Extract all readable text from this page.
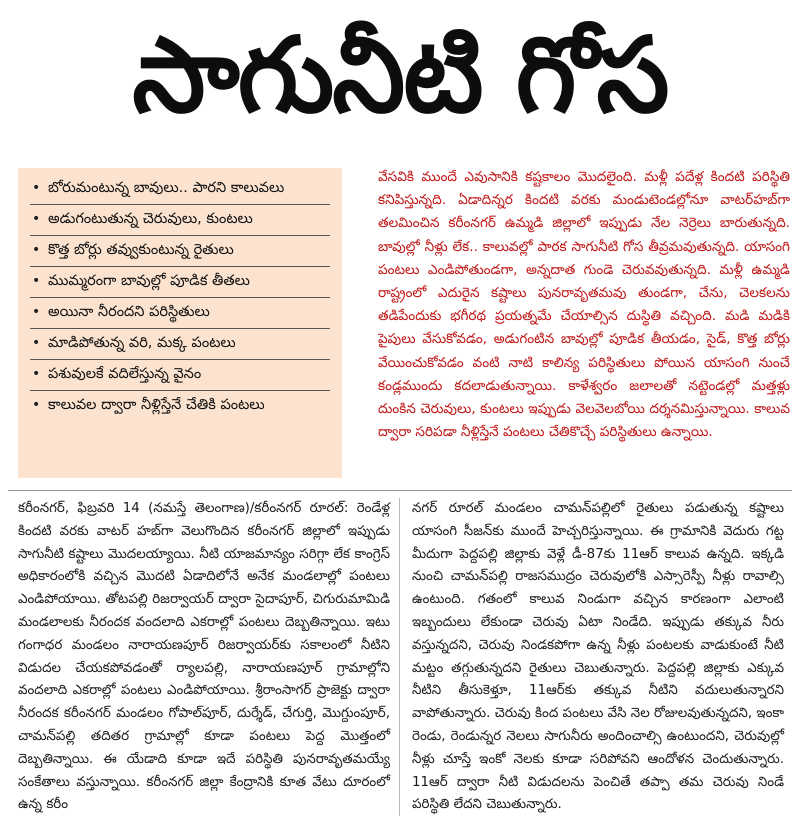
సాగునీటి గోస
• బోరుమంటున్న బావులు.. పారని కాలువలు
• అడుగంటుతున్న చెరువులు, కుంటలు
• కొత్త బోర్లు తవ్వుకుంటున్న రైతులు
• ముమ్మరంగా బావుల్లో పూడిక తీతలు
• అయినా నీరందని పరిస్థితులు
• మాడిపోతున్న వరి, మక్క పంటలు
• పశువులకే వదిలేస్తున్న వైనం
• కాలువల ద్వారా నీళ్లిస్తేనే చేతికి పంటలు

వేసవికి ముందే ఎవుసానికి కష్టకాలం మొదలైంది. మళ్లీ పదేళ్ల కిందటి పరిస్థితి కనిపిస్తున్నది. ఏడాదిన్నర కిందటి వరకు మండుటెండల్లోనూ వాటర్‌హబ్‌గా తలమించిన కరీంనగర్ ఉమ్మడి జిల్లాలో ఇప్పుడు నేల నెర్రెలు బారుతున్నది. బావుల్లో నీళ్లు లేక.. కాలువల్లో పారక సాగునీటి గోస తీవ్రమవుతున్నది. యాసంగి పంటలు ఎండిపోతుండగా, అన్నదాత గుండె చెరువవుతున్నది. మళ్లీ ఉమ్మడి రాష్ట్రంలో ఎదురైన కష్టాలు పునరావృతమవు తుండగా, చేను, చెలకలను తడిపేందుకు భగీరథ ప్రయత్నమే చేయాల్సిన దుస్థితి వచ్చింది. మడి మడికి పైపులు వేసుకోవడం, అడుగంటిన బావుల్లో పూడిక తీయడం, సైడ్, కొత్త బోర్లు వేయించుకోవడం వంటి నాటి కాలిన్య పరిస్థితులు పోయిన యాసంగి నుంచే కండ్లముందు కదలాడుతున్నాయి. కాళేశ్వరం జలాలతో నట్టెండల్లో మత్తళ్లు దుంకిన చెరువులు, కుంటలు ఇప్పుడు వెలవెలబోయి దర్శనమిస్తున్నాయి. కాలువ ద్వారా సరిపడా నీళ్లిస్తేనే పంటలు చేతికొచ్చే పరిస్థితులు ఉన్నాయి.

కరీంనగర్, ఫిబ్రవరి 14 (నమస్తే తెలంగాణ)/కరీంనగర్ రూరల్: రెండేళ్ల కిందటి వరకు వాటర్ హబ్‌గా వెలుగొందిన కరీంనగర్ జిల్లాలో ఇప్పుడు సాగునీటి కష్టాలు మొదలయ్యాయి. నీటి యాజమాన్యం సరిగ్గా లేక కాంగ్రెస్ అధికారంలోకి వచ్చిన మొదటి ఏడాదిలోనే అనేక మండలాల్లో పంటలు ఎండిపోయాయి. తోటపల్లి రిజర్వాయర్ ద్వారా సైదాపూర్, చిగురుమామిడి మండలాలకు నీరందక వందలాది ఎకరాల్లో పంటలు దెబ్బతిన్నాయి. ఇటు గంగాధర మండలం నారాయణపూర్ రిజర్వాయర్‌కు సకాలంలో నీటిని విడుదల చేయకపోవడంతో ర్యాలపల్లి, నారాయణపూర్ గ్రామాల్లోని వందలాది ఎకరాల్లో పంటలు ఎండిపోయాయి. శ్రీరాంసాగర్ ప్రాజెక్టు ద్వారా నీరందక కరీంనగర్ మండలం గోపాల్‌పూర్, దుర్శేడ్, చేగుర్తి, మొగ్దుంపూర్, చామన్‌పల్లి తదితర గ్రామాల్లో కూడా పంటలు పెద్ద మొత్తంలో దెబ్బతిన్నాయి. ఈ యేడాది కూడా ఇదే పరిస్థితి పునరావృతమయ్యే సంకేతాలు వస్తున్నాయి. కరీంనగర్ జిల్లా కేంద్రానికి కూత వేటు దూరంలో ఉన్న కరీం

నగర్ రూరల్ మండలం చామన్‌పల్లిలో రైతులు పడుతున్న కష్టాలు యాసంగి సీజన్‌కు ముందే హెచ్చరిస్తున్నాయి. ఈ గ్రామానికి వెదురు గట్ట మీదుగా పెద్దపల్లి జిల్లాకు వెళ్లే డీ-87కు 11ఆర్ కాలువ ఉన్నది. ఇక్కడి నుంచి చామన్‌పల్లి రాజసముద్రం చెరువులోకి ఎస్సారెస్పీ నీళ్లు రావాల్సి ఉంటుంది. గతంలో కాలువ నిండుగా వచ్చిన కారణంగా ఎలాంటి ఇబ్బందులు లేకుండా చెరువు ఏటా నిండేది. ఇప్పుడు తక్కువ నీరు వస్తున్నదని, చెరువు నిండకపోగా ఉన్న నీళ్లు పంటలకు వాడుకుంటే నీటి మట్టం తగ్గుతున్నదని రైతులు చెబుతున్నారు. పెద్దపల్లి జిల్లాకు ఎక్కువ నీటిని తీసుకెళ్తూ, 11ఆర్‌కు తక్కువ నీటిని వదులుతున్నారని వాపోతున్నారు. చెరువు కింద పంటలు వేసి నెల రోజులవుతున్నదని, ఇంకా రెండు, రెండున్నర నెలలు సాగునీరు అందించాల్సి ఉంటుందని, చెరువుల్లో నీళ్లు చూస్తే ఇంకో నెలకు కూడా సరిపోవని ఆందోళన చెందుతున్నారు. 11ఆర్ ద్వారా నీటి విడుదలను పెంచితే తప్పా తమ చెరువు నిండే పరిస్థితి లేదని చెబుతున్నారు.
